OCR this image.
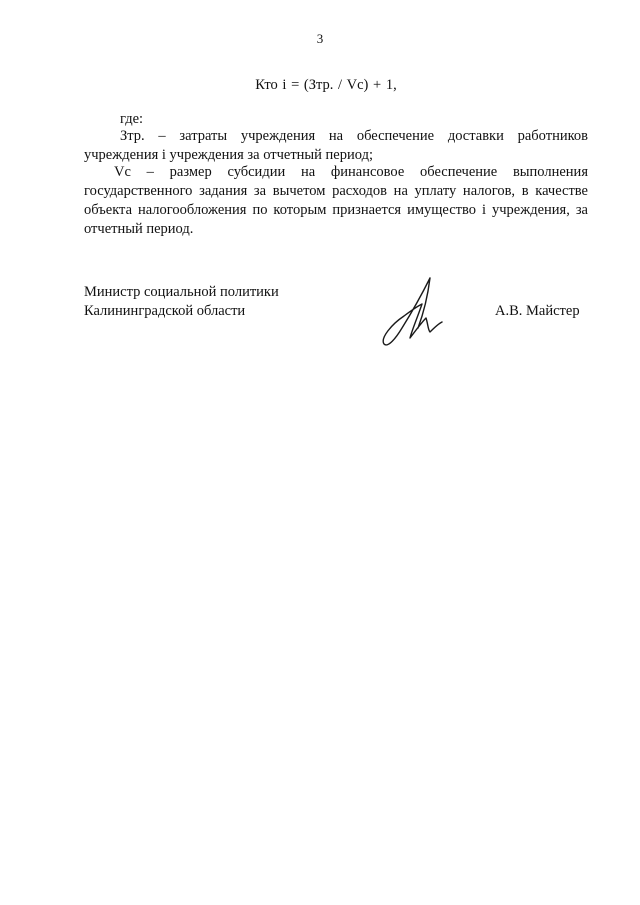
3
Кто i = (Зтр. / Vc) + 1,
где:
Зтр. – затраты учреждения на обеспечение доставки работников учреждения i учреждения за отчетный период;
Vc – размер субсидии на финансовое обеспечение выполнения государственного задания за вычетом расходов на уплату налогов, в качестве объекта налогообложения по которым признается имущество i учреждения, за отчетный период.
Министр социальной политики
Калининградской области	А.В. Майстер
